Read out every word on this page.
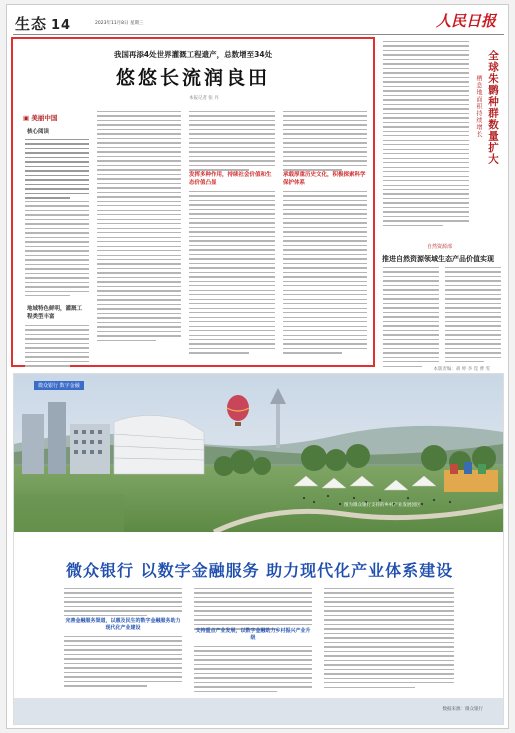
生态 14	2023年11月8日 星期三	人民日报
我国再添4处世界灌溉工程遗产，总数增至34处
悠悠长流润良田
本报记者 张 丹
▣ 美丽中国
核心阅读
地域特色鲜明，灌溉工
程类型丰富
发挥多种作用，持续社会价值和生态价值凸显
承载厚重历史文化，积极探索科学保护体系
栖息地面积持续增长 全球朱鹮种群数量扩大
自然资源部
推进自然资源领域生态产品价值实现
本版责编：胡 婷 李 滢 曹 雯
微众银行 数字金融
图为微众银行支持的乡村产业发展园区
微众银行 以数字金融服务 助力现代化产业体系建设
完善金融服务渠道，以惠及民生的数字金融服务助力现代化产业建设	支持重点产业发展，以数字金融助力乡村振兴产业升级
数据来源：微众银行
